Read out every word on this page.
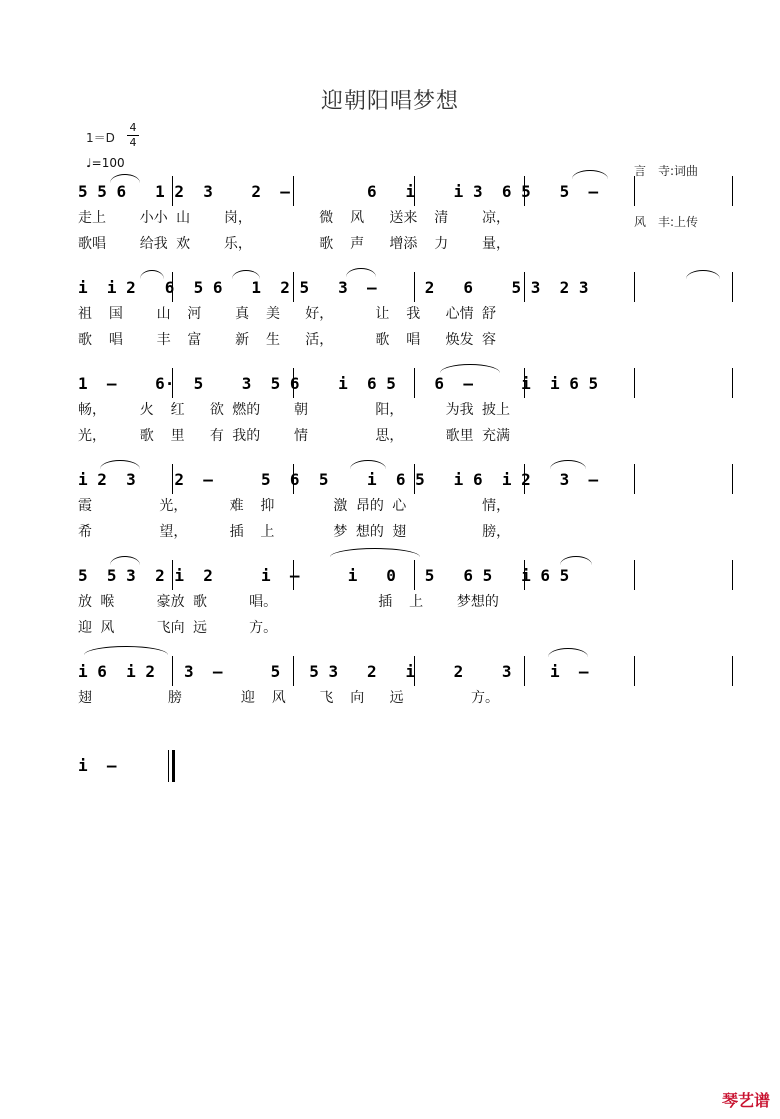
迎朝阳唱梦想
1＝D
4
4
♩=100

言　寺:词曲

风　丰:上传

5 5 6   1 2  3    2  –        6   i    i 3  6 5   5  –
走上    小小 山    岗，        微  风   送来  清    凉，
歌唱    给我 欢    乐，        歌  声   增添  力    量，
i  i 2   6  5 6   1  2 5   3  –     2   6    5 3  2 3
祖  国    山  河    真  美   好，     让  我   心情 舒
歌  唱    丰  富    新  生   活，     歌  唱   焕发 容
1  –    6·  5    3  5 6    i  6 5    6  –     i  i 6 5
畅，    火  红   欲 燃的    朝        阳，     为我 披上
光，    歌  里   有 我的    情        思，     歌里 充满
i 2  3    2  –     5  6  5    i  6 5   i 6  i 2   3  –
霞        光，     难  抑       激 昂的 心         情，
希        望，     插  上       梦 想的 翅         膀，
5  5 3  2 i  2     i  –     i   0   5   6 5   i 6 5
放 喉     豪放 歌     唱。            插  上    梦想的
迎 风     飞向 远     方。
i 6  i 2   3  –     5   5 3   2   i    2    3    i  –
翅         膀       迎  风    飞  向   远        方。
i  –
琴艺谱
